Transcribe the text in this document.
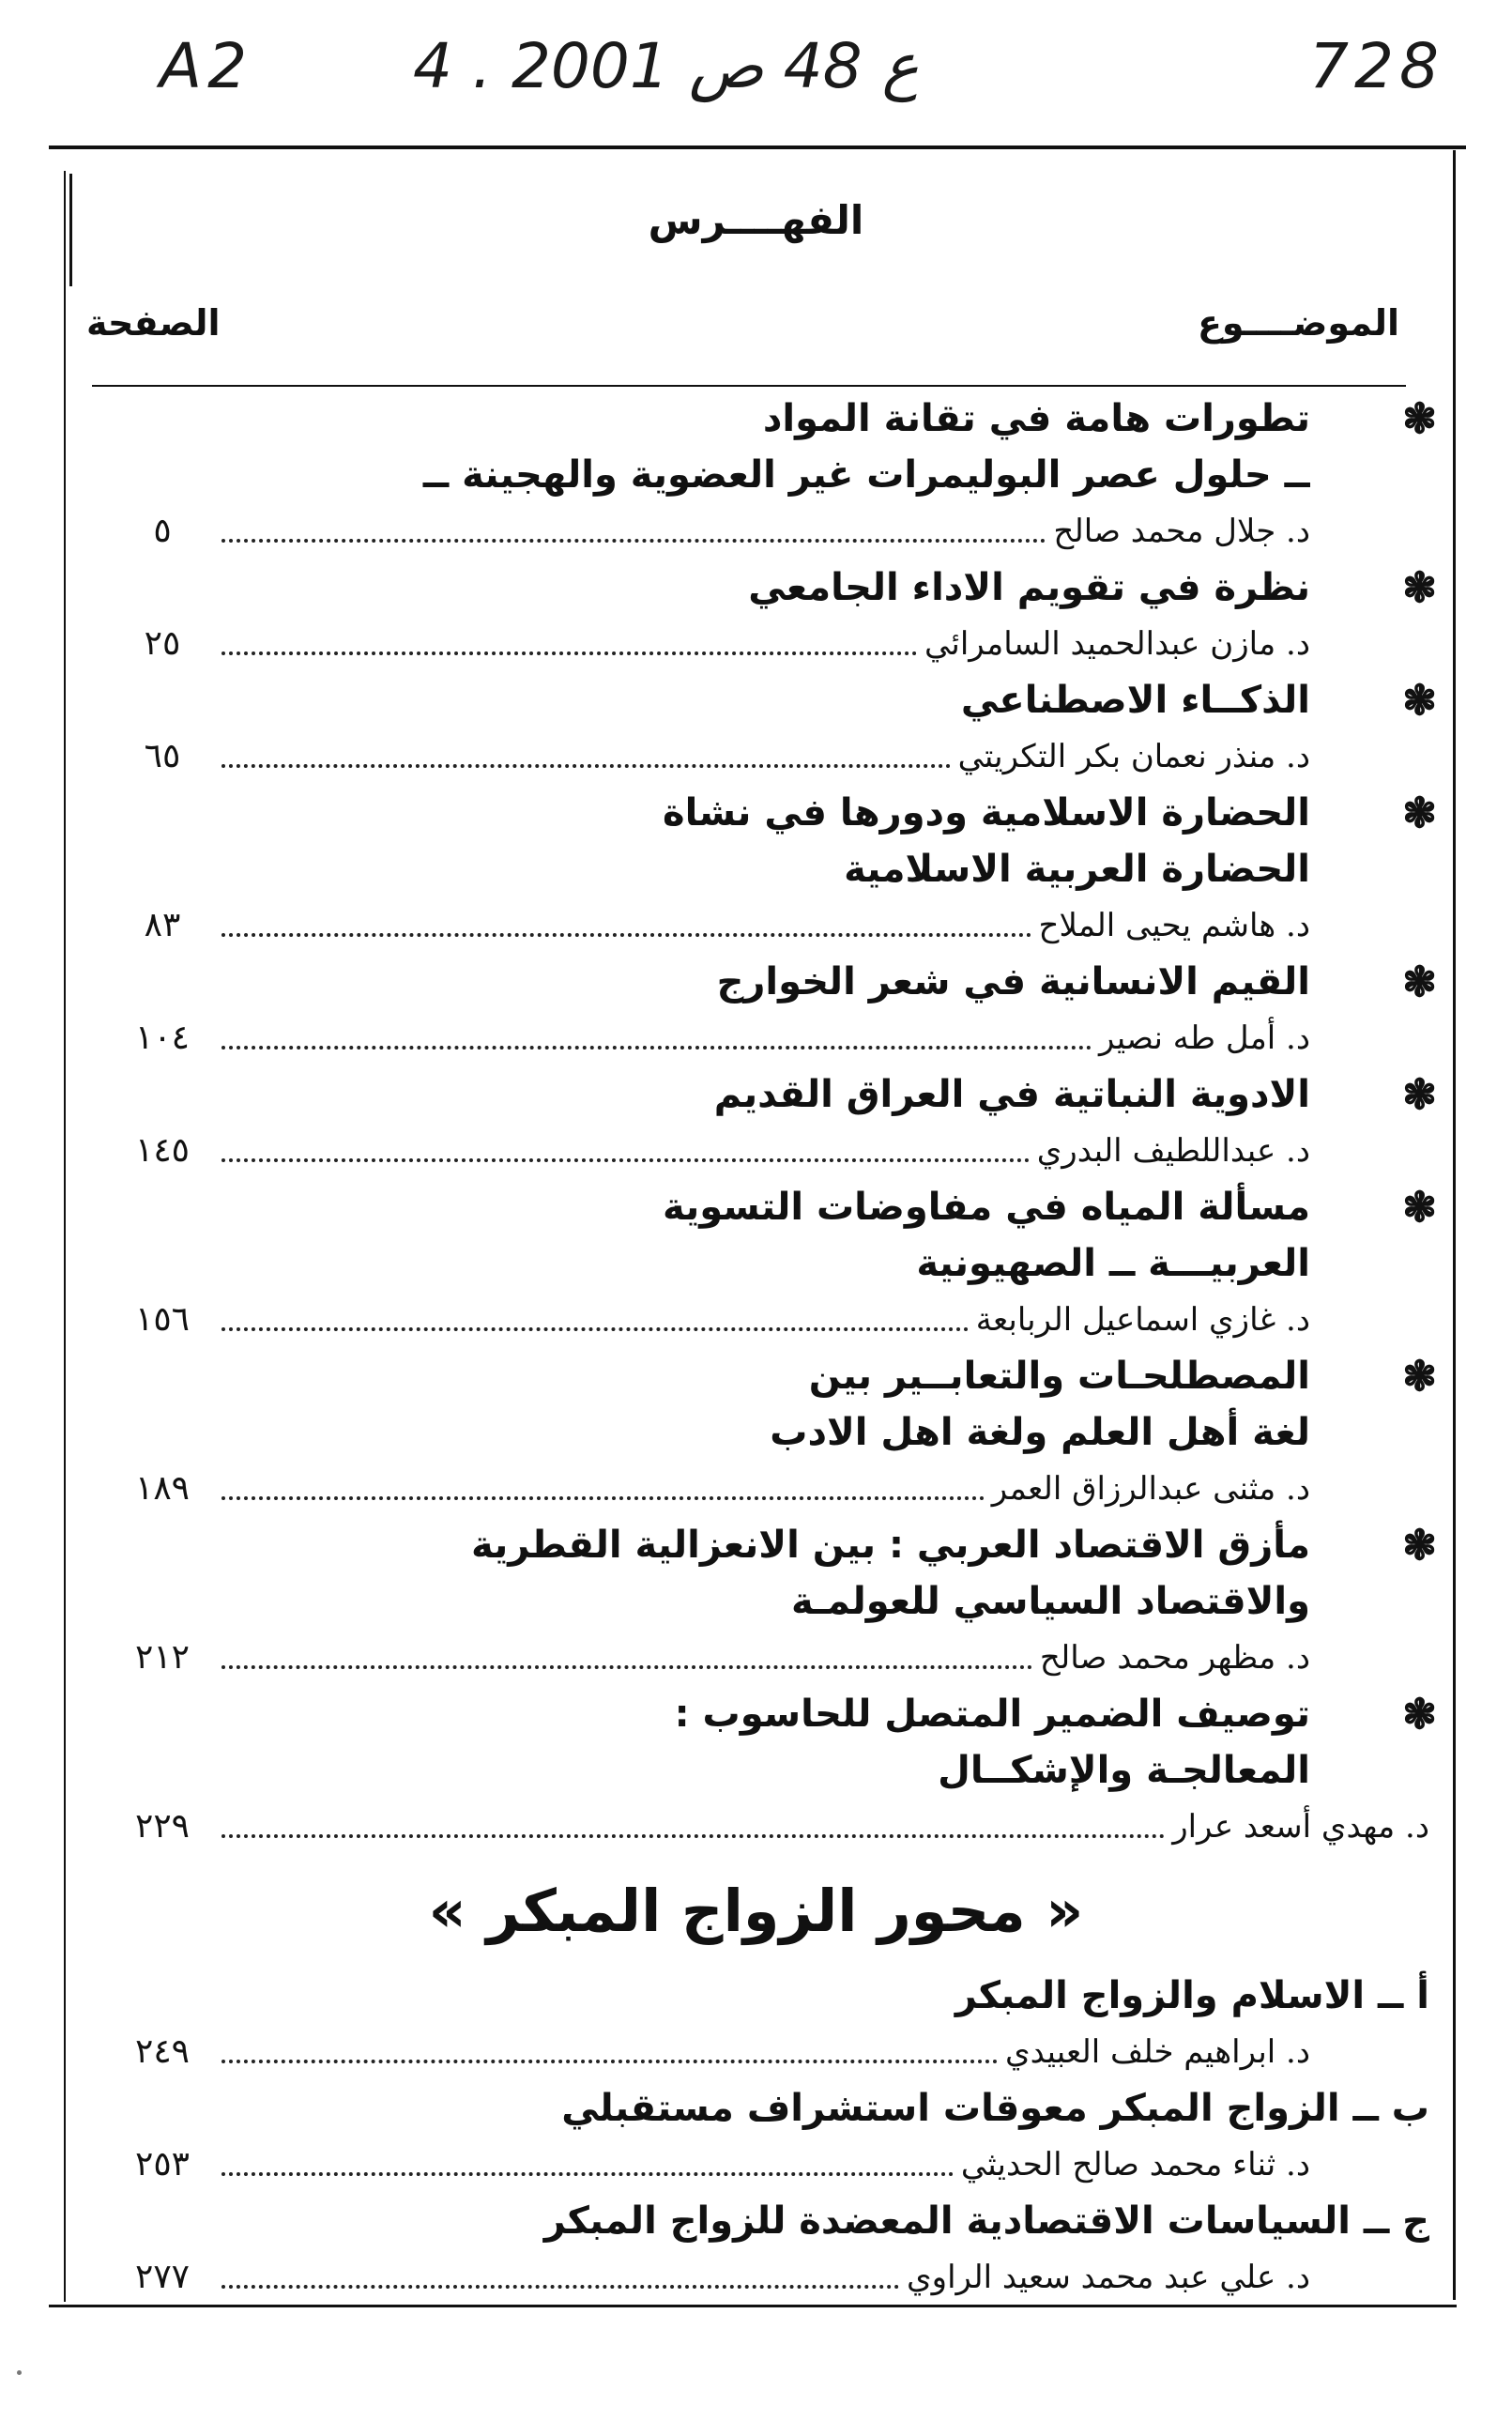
A2	4 . ع 48 ص 2001	728
الفهــــرس
الموضــــوع
الصفحة
❃
تطورات هامة في تقانة المواد
ــ حلول عصر البوليمرات غير العضوية والهجينة ــ
د. جلال محمد صالح
٥
❃
نظرة في تقويم الاداء الجامعي
د. مازن عبدالحميد السامرائي
٢٥
❃
الذكــاء الاصطناعي
د. منذر نعمان بكر التكريتي
٦٥
❃
الحضارة الاسلامية ودورها في نشاة
الحضارة العربية الاسلامية
د. هاشم يحيى الملاح
٨٣
❃
القيم الانسانية في شعر الخوارج
د. أمل طه نصير
١٠٤
❃
الادوية النباتية في العراق القديم
د. عبداللطيف البدري
١٤٥
❃
مسألة المياه في مفاوضات التسوية
العربيـــة ــ الصهيونية
د. غازي اسماعيل الربابعة
١٥٦
❃
المصطلحـات والتعابــير بين
لغة أهل العلم ولغة اهل الادب
د. مثنى عبدالرزاق العمر
١٨٩
❃
مأزق الاقتصاد العربي : بين الانعزالية القطرية
والاقتصاد السياسي للعولمـة
د. مظهر محمد صالح
٢١٢
❃
توصيف الضمير المتصل للحاسوب :
المعالجـة والإشكــال
د. مهدي أسعد عرار
٢٢٩
« محور الزواج المبكر »
أ ــ الاسلام والزواج المبكر
د. ابراهيم خلف العبيدي
٢٤٩
ب ــ الزواج المبكر معوقات استشراف مستقبلي
د. ثناء محمد صالح الحديثي
٢٥٣
ج ــ السياسات الاقتصادية المعضدة للزواج المبكر
د. علي عبد محمد سعيد الراوي
٢٧٧
